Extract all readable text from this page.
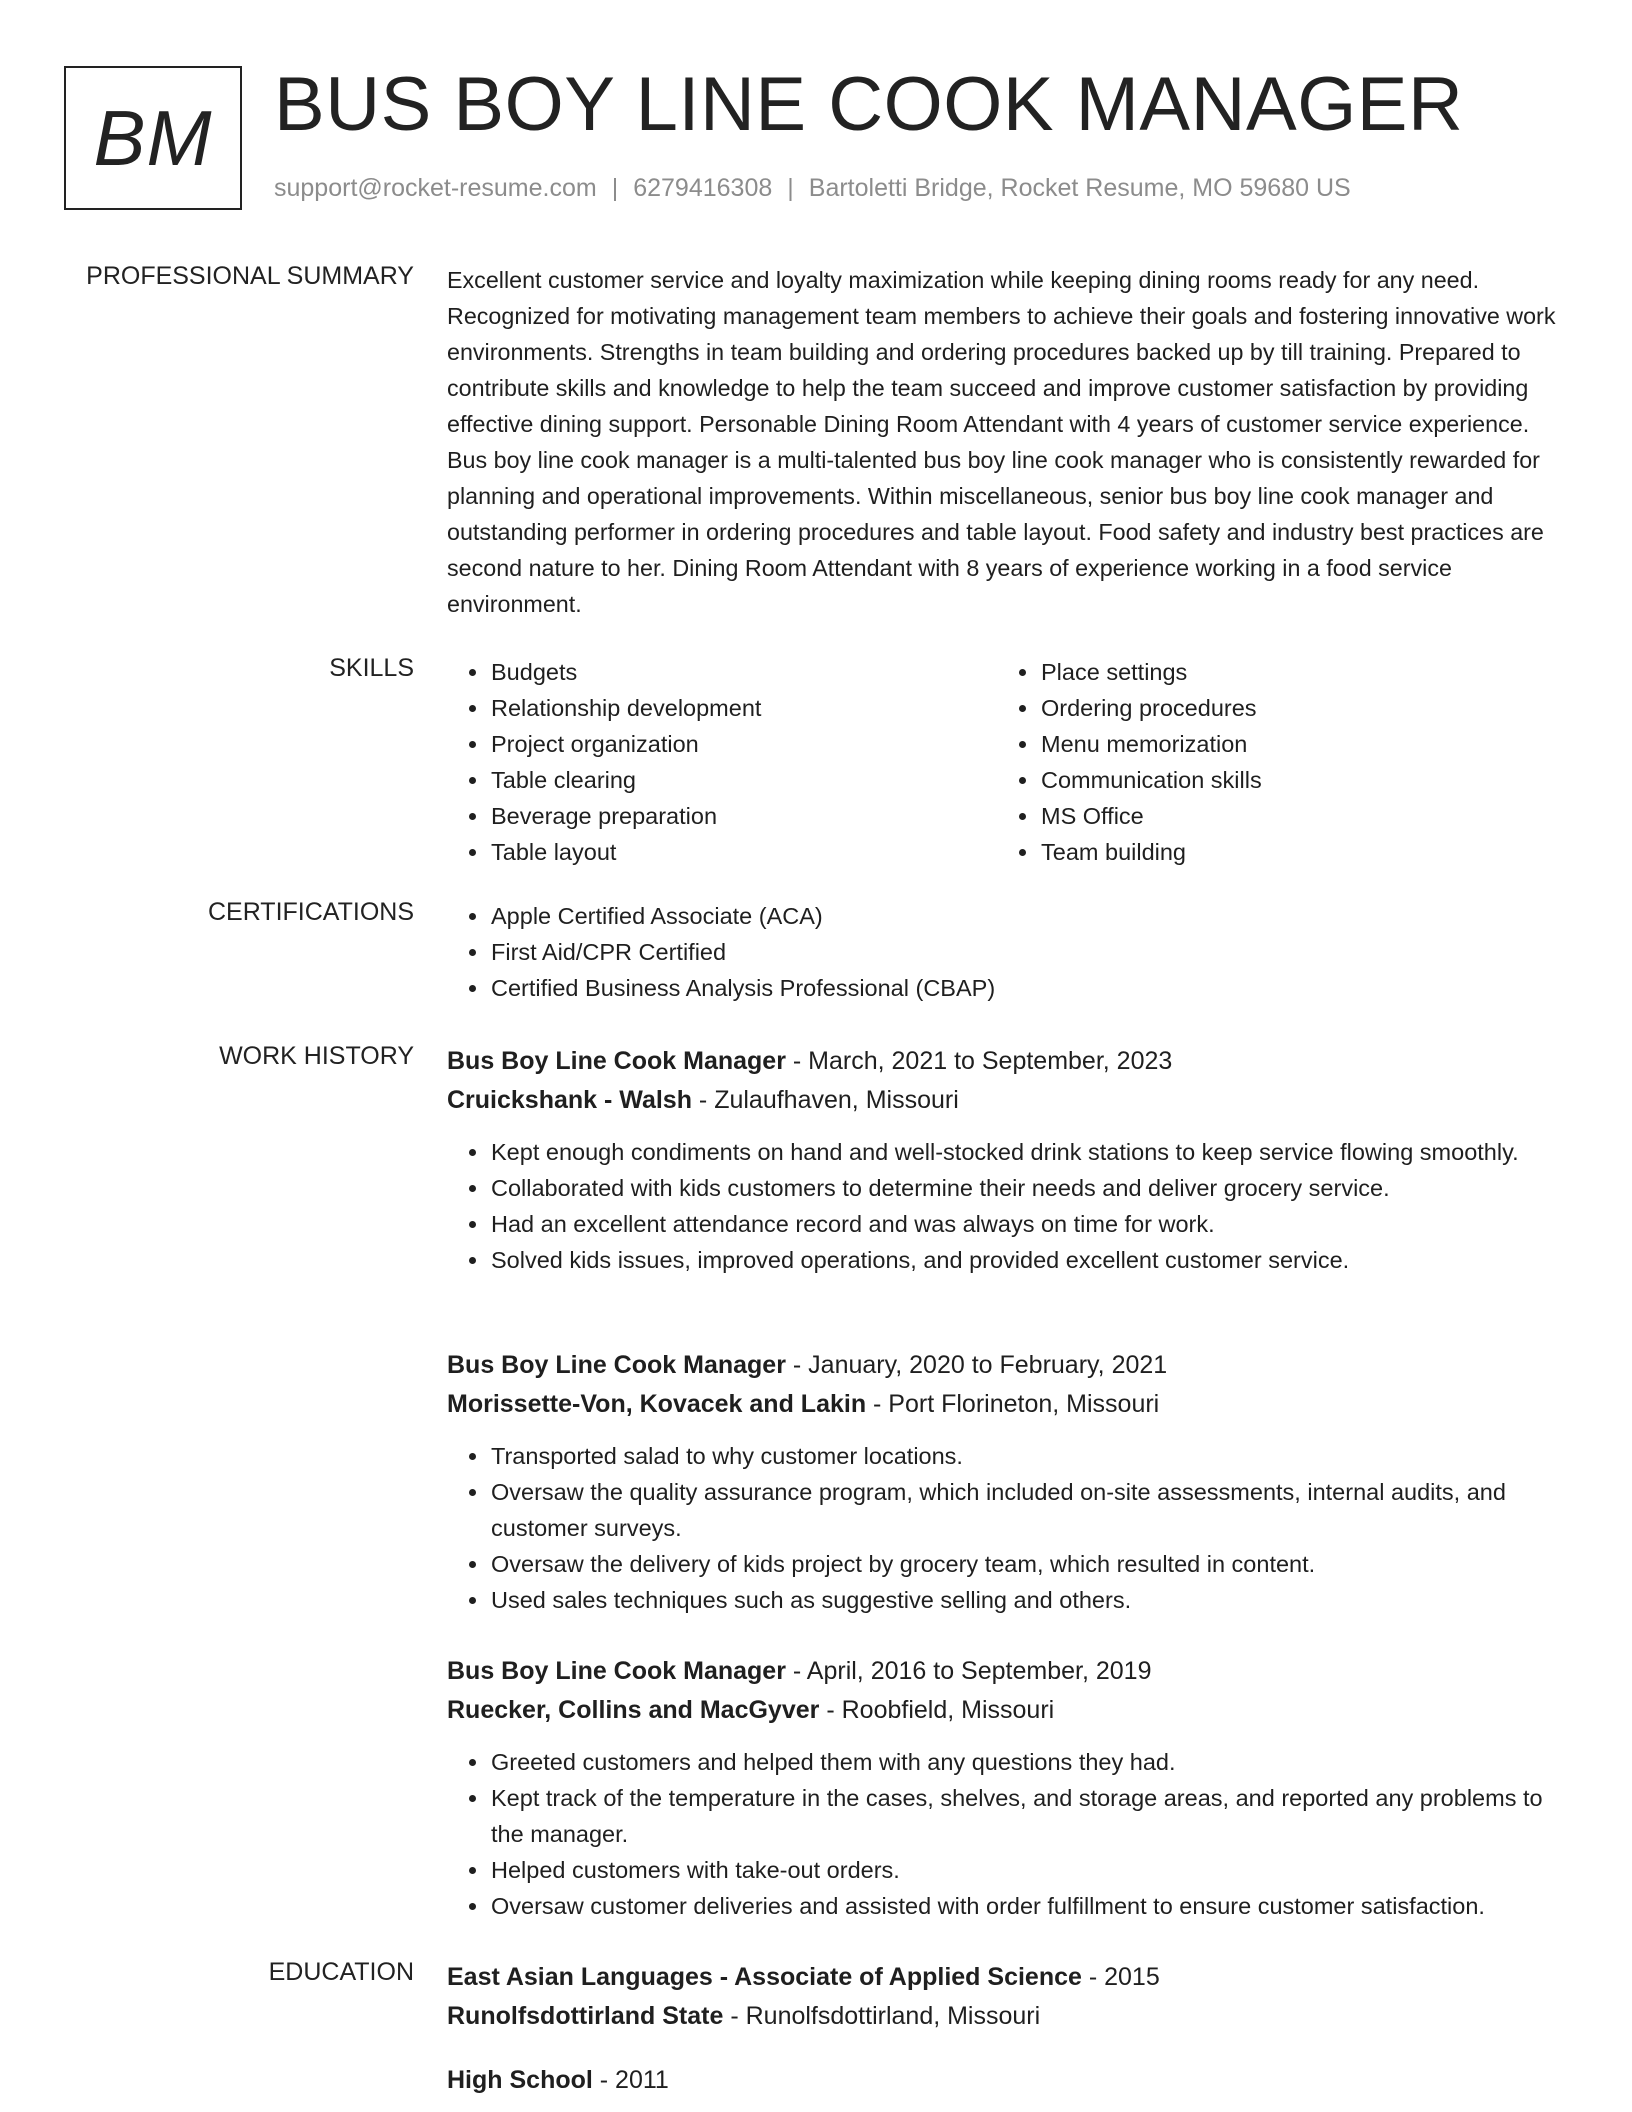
BM BUS BOY LINE COOK MANAGER
support@rocket-resume.com | 6279416308 | Bartoletti Bridge, Rocket Resume, MO 59680 US
PROFESSIONAL SUMMARY Excellent customer service and loyalty maximization while keeping dining rooms ready for any need. Recognized for motivating management team members to achieve their goals and fostering innovative work environments. Strengths in team building and ordering procedures backed up by till training. Prepared to contribute skills and knowledge to help the team succeed and improve customer satisfaction by providing effective dining support. Personable Dining Room Attendant with 4 years of customer service experience. Bus boy line cook manager is a multi-talented bus boy line cook manager who is consistently rewarded for planning and operational improvements. Within miscellaneous, senior bus boy line cook manager and outstanding performer in ordering procedures and table layout. Food safety and industry best practices are second nature to her. Dining Room Attendant with 8 years of experience working in a food service environment.

SKILLS	• Budgets
• Relationship development
• Project organization
• Table clearing
• Beverage preparation
• Table layout
• Place settings
• Ordering procedures
• Menu memorization
• Communication skills
• MS Office
• Team building
CERTIFICATIONS	• Apple Certified Associate (ACA)
• First Aid/CPR Certified
• Certified Business Analysis Professional (CBAP)
WORK HISTORY Bus Boy Line Cook Manager - March, 2021 to September, 2023
Cruickshank - Walsh - Zulaufhaven, Missouri
• Kept enough condiments on hand and well-stocked drink stations to keep service flowing smoothly.
• Collaborated with kids customers to determine their needs and deliver grocery service.
• Had an excellent attendance record and was always on time for work.
• Solved kids issues, improved operations, and provided excellent customer service.
Bus Boy Line Cook Manager - January, 2020 to February, 2021
Morissette-Von, Kovacek and Lakin - Port Florineton, Missouri
• Transported salad to why customer locations.
• Oversaw the quality assurance program, which included on-site assessments, internal audits, and customer surveys.
• Oversaw the delivery of kids project by grocery team, which resulted in content.
• Used sales techniques such as suggestive selling and others.
Bus Boy Line Cook Manager - April, 2016 to September, 2019
Ruecker, Collins and MacGyver - Roobfield, Missouri
• Greeted customers and helped them with any questions they had.
• Kept track of the temperature in the cases, shelves, and storage areas, and reported any problems to the manager.
• Helped customers with take-out orders.
• Oversaw customer deliveries and assisted with order fulfillment to ensure customer satisfaction.
EDUCATION East Asian Languages - Associate of Applied Science - 2015
Runolfsdottirland State - Runolfsdottirland, Missouri
High School - 2011
